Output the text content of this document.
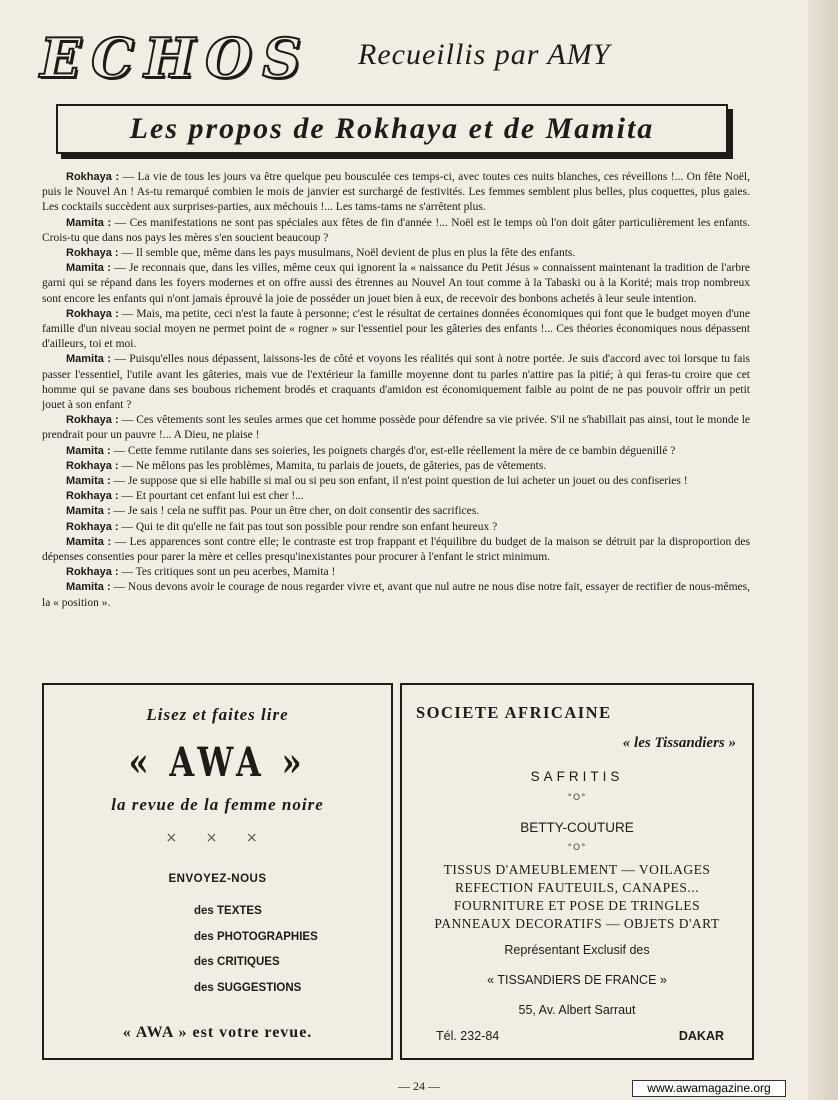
ECHOS Recueillis par AMY
Les propos de Rokhaya et de Mamita

Rokhaya : — La vie de tous les jours va être quelque peu bousculée ces temps-ci, avec toutes ces nuits blanches, ces réveillons !... On fête Noël, puis le Nouvel An ! As-tu remarqué combien le mois de janvier est surchargé de festivités. Les femmes semblent plus belles, plus coquettes, plus gaies. Les cocktails succèdent aux surprises-parties, aux méchouis !... Les tams-tams ne s'arrêtent plus.

Mamita : — Ces manifestations ne sont pas spéciales aux fêtes de fin d'année !... Noël est le temps où l'on doit gâter particulièrement les enfants. Crois-tu que dans nos pays les mères s'en soucient beaucoup ?

Rokhaya : — Il semble que, même dans les pays musulmans, Noël devient de plus en plus la fête des enfants.

Mamita : — Je reconnais que, dans les villes, même ceux qui ignorent la « naissance du Petit Jésus » connaissent maintenant la tradition de l'arbre garni qui se répand dans les foyers modernes et on offre aussi des étrennes au Nouvel An tout comme à la Tabaski ou à la Korité; mais trop nombreux sont encore les enfants qui n'ont jamais éprouvé la joie de posséder un jouet bien à eux, de recevoir des bonbons achetés à leur seule intention.

Rokhaya : — Mais, ma petite, ceci n'est la faute à personne; c'est le résultat de certaines données économiques qui font que le budget moyen d'une famille d'un niveau social moyen ne permet point de « rogner » sur l'essentiel pour les gâteries des enfants !... Ces théories économiques nous dépassent d'ailleurs, toi et moi.

Mamita : — Puisqu'elles nous dépassent, laissons-les de côté et voyons les réalités qui sont à notre portée. Je suis d'accord avec toi lorsque tu fais passer l'essentiel, l'utile avant les gâteries, mais vue de l'extérieur la famille moyenne dont tu parles n'attire pas la pitié; à qui feras-tu croire que cet homme qui se pavane dans ses boubous richement brodés et craquants d'amidon est économiquement faible au point de ne pas pouvoir offrir un petit jouet à son enfant ?

Rokhaya : — Ces vêtements sont les seules armes que cet homme possède pour défendre sa vie privée. S'il ne s'habillait pas ainsi, tout le monde le prendrait pour un pauvre !... A Dieu, ne plaise !

Mamita : — Cette femme rutilante dans ses soieries, les poignets chargés d'or, est-elle réellement la mère de ce bambin déguenillé ?

Rokhaya : — Ne mêlons pas les problèmes, Mamita, tu parlais de jouets, de gâteries, pas de vêtements.

Mamita : — Je suppose que si elle habille si mal ou si peu son enfant, il n'est point question de lui acheter un jouet ou des confiseries !

Rokhaya : — Et pourtant cet enfant lui est cher !...

Mamita : — Je sais ! cela ne suffit pas. Pour un être cher, on doit consentir des sacrifices.

Rokhaya : — Qui te dit qu'elle ne fait pas tout son possible pour rendre son enfant heureux ?

Mamita : — Les apparences sont contre elle; le contraste est trop frappant et l'équilibre du budget de la maison se détruit par la disproportion des dépenses consenties pour parer la mère et celles presqu'inexistantes pour procurer à l'enfant le strict minimum.

Rokhaya : — Tes critiques sont un peu acerbes, Mamita !

Mamita : — Nous devons avoir le courage de nous regarder vivre et, avant que nul autre ne nous dise notre fait, essayer de rectifier de nous-mêmes, la « position ».

Lisez et faites lire
« AWA »
la revue de la femme noire
× × ×
ENVOYEZ-NOUS
des TEXTES
des PHOTOGRAPHIES
des CRITIQUES
des SUGGESTIONS
« AWA » est votre revue.
SOCIETE AFRICAINE
« les Tissandiers »
SAFRITIS
°O°
BETTY-COUTURE
°O°
TISSUS D'AMEUBLEMENT — VOILAGES
REFECTION FAUTEUILS, CANAPES...
FOURNITURE ET POSE DE TRINGLES
PANNEAUX DECORATIFS — OBJETS D'ART
Représentant Exclusif des
« TISSANDIERS DE FRANCE »
55, Av. Albert Sarraut
Tél. 232-84	DAKAR
— 24 —	www.awamagazine.org
